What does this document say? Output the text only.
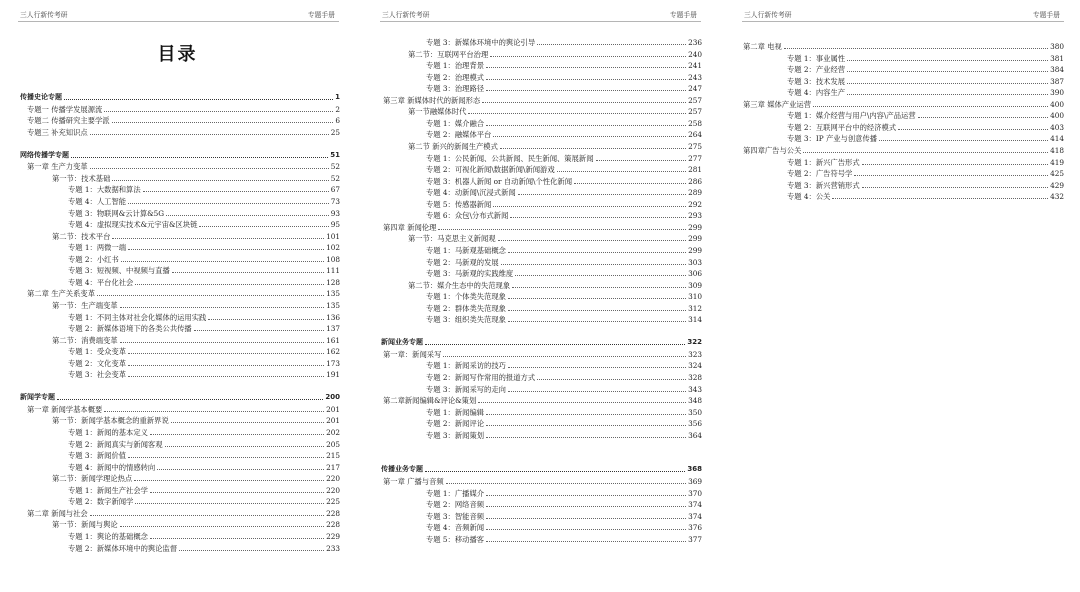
三人行新传考研	专题手册
目录
传播史论专题	1
专题一 传播学发展源流	2
专题二 传播研究主要学派	6
专题三 补充知识点	25
网络传播学专题	51
第一章 生产力变革	52
第一节：技术基础	52
专题 1：大数据和算法	67
专题 4：人工智能	73
专题 3：物联网&云计算&5G	93
专题 4：虚拟现实技术&元宇宙&区块链	95
第二节：技术平台	101
专题 1：两微一端	102
专题 2：小红书	108
专题 3：短视频、中视频与直播	111
专题 4：平台化社会	128
第二章 生产关系变革	135
第一节：生产端变革	135
专题 1：不同主体对社会化媒体的运用实践	136
专题 2：新媒体语境下的各类公共传播	137
第二节：消费端变革	161
专题 1：受众变革	162
专题 2：文化变革	173
专题 3：社会变革	191
新闻学专题	200
第一章 新闻学基本概要	201
第一节：新闻学基本概念的重新界说	201
专题 1：新闻的基本定义	202
专题 2：新闻真实与新闻客观	205
专题 3：新闻价值	215
专题 4：新闻中的情感转向	217
第二节：新闻学理论热点	220
专题 1：新闻生产社会学	220
专题 2：数字新闻学	225
第二章 新闻与社会	228
第一节：新闻与舆论	228
专题 1：舆论的基础概念	229
专题 2：新媒体环境中的舆论监督	233
三人行新传考研	专题手册
专题 3：新媒体环境中的舆论引导	236
第二节：互联网平台治理	240
专题 1：治理背景	241
专题 2：治理模式	243
专题 3：治理路径	247
第三章 新媒体时代的新闻形态	257
第一节融媒体时代	257
专题 1：媒介融合	258
专题 2：融媒体平台	264
第二节 新兴的新闻生产模式	275
专题 1：公民新闻、公共新闻、民生新闻、策展新闻	277
专题 2：可视化新闻\数据新闻\新闻游戏	281
专题 3：机器人新闻 or 自动新闻\个性化新闻	286
专题 4：动新闻\沉浸式新闻	289
专题 5：传感器新闻	292
专题 6：众包\分布式新闻	293
第四章 新闻伦理	299
第一节：马克思主义新闻观	299
专题 1：马新观基础概念	299
专题 2：马新观的发展	303
专题 3：马新观的实践维度	306
第二节：媒介生态中的失范现象	309
专题 1：个体类失范现象	310
专题 2：群体类失范现象	312
专题 3：组织类失范现象	314
新闻业务专题	322
第一章：新闻采写	323
专题 1：新闻采访的技巧	324
专题 2：新闻写作常用的报道方式	328
专题 3：新闻采写的走向	343
第二章新闻编辑&评论&策划	348
专题 1：新闻编辑	350
专题 2：新闻评论	356
专题 3：新闻策划	364
传播业务专题	368
第一章 广播与音频	369
专题 1：广播媒介	370
专题 2：网络音频	374
专题 3：智能音频	374
专题 4：音频新闻	376
专题 5：移动播客	377
三人行新传考研	专题手册
第二章 电视	380
专题 1：事业属性	381
专题 2：产业经营	384
专题 3：技术发展	387
专题 4：内容生产	390
第三章 媒体产业运营	400
专题 1：媒介经营与用户\内容\产品运营	400
专题 2：互联网平台中的经济模式	403
专题 3：IP 产业与创意传播	414
第四章广告与公关	418
专题 1：新兴广告形式	419
专题 2：广告符号学	425
专题 3：新兴营销形式	429
专题 4：公关	432
